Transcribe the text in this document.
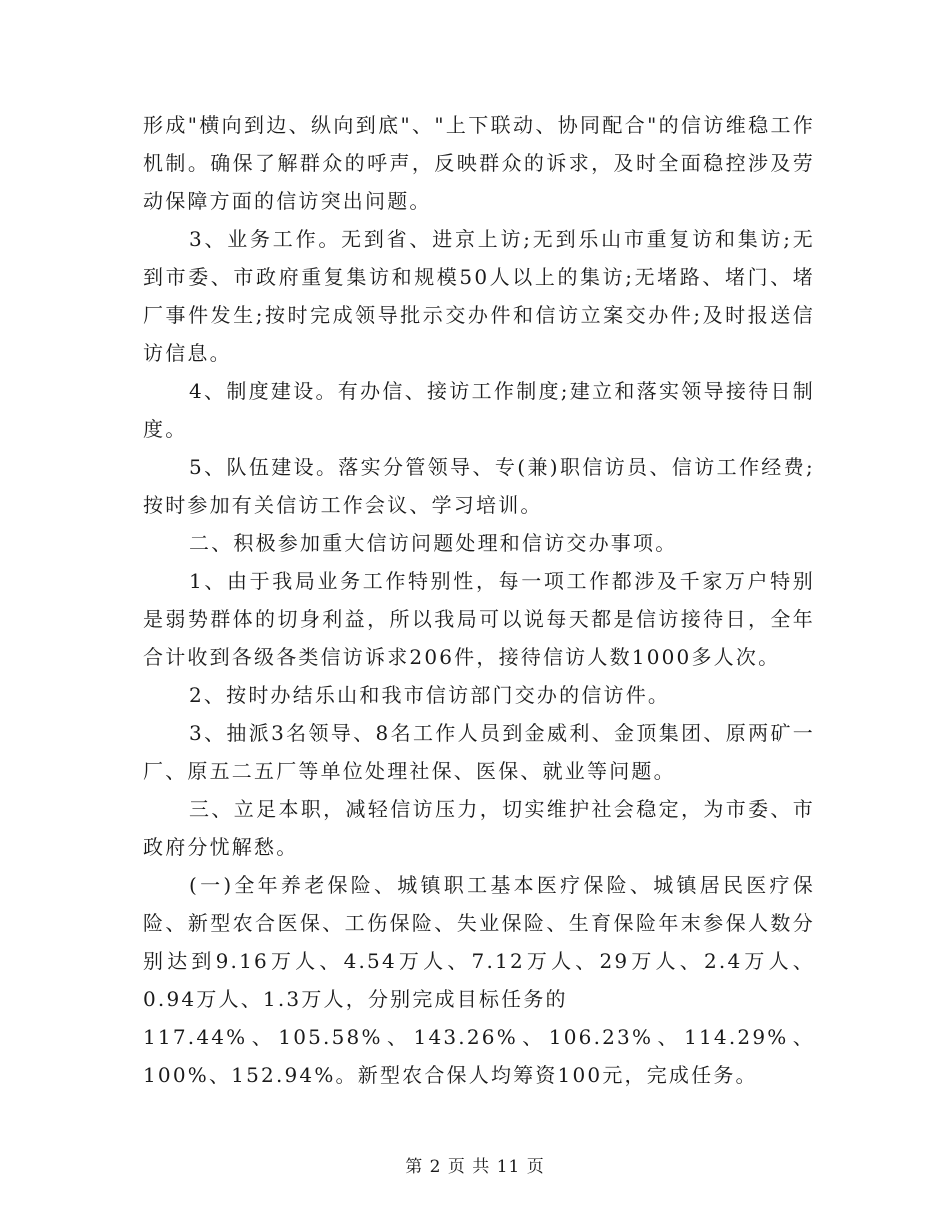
形成"横向到边、纵向到底"、"上下联动、协同配合"的信访维稳工作机制。确保了解群众的呼声，反映群众的诉求，及时全面稳控涉及劳动保障方面的信访突出问题。

3、业务工作。无到省、进京上访;无到乐山市重复访和集访;无到市委、市政府重复集访和规模50人以上的集访;无堵路、堵门、堵厂事件发生;按时完成领导批示交办件和信访立案交办件;及时报送信访信息。

4、制度建设。有办信、接访工作制度;建立和落实领导接待日制度。

5、队伍建设。落实分管领导、专(兼)职信访员、信访工作经费;按时参加有关信访工作会议、学习培训。

二、积极参加重大信访问题处理和信访交办事项。

1、由于我局业务工作特别性，每一项工作都涉及千家万户特别是弱势群体的切身利益，所以我局可以说每天都是信访接待日，全年合计收到各级各类信访诉求206件，接待信访人数1000多人次。

2、按时办结乐山和我市信访部门交办的信访件。

3、抽派3名领导、8名工作人员到金威利、金顶集团、原两矿一厂、原五二五厂等单位处理社保、医保、就业等问题。

三、立足本职，减轻信访压力，切实维护社会稳定，为市委、市政府分忧解愁。

(一)全年养老保险、城镇职工基本医疗保险、城镇居民医疗保险、新型农合医保、工伤保险、失业保险、生育保险年末参保人数分别达到9.16万人、4.54万人、7.12万人、29万人、2.4万人、0.94万人、1.3万人，分别完成目标任务的

117.44%、105.58%、143.26%、106.23%、114.29%、100%、152.94%。新型农合保人均筹资100元，完成任务。

第 2 页 共 11 页
